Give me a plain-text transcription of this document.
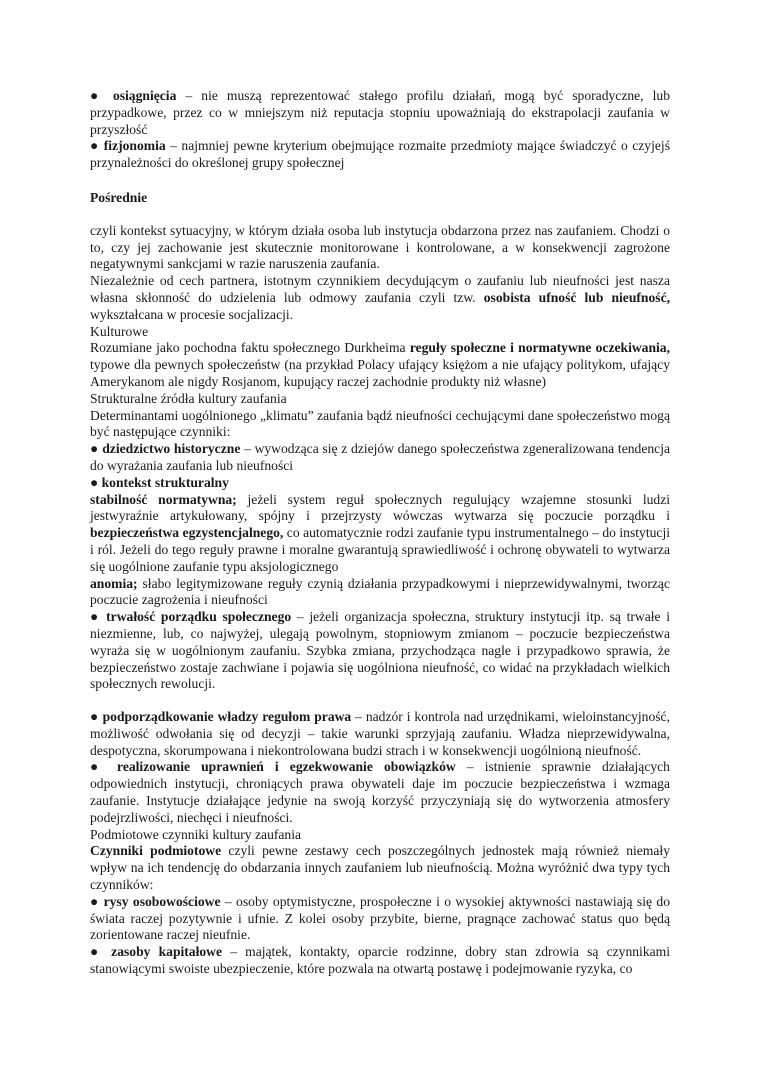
● osiągnięcia – nie muszą reprezentować stałego profilu działań, mogą być sporadyczne, lub przypadkowe, przez co w mniejszym niż reputacja stopniu upoważniają do ekstrapolacji zaufania w przyszłość

● fizjonomia – najmniej pewne kryterium obejmujące rozmaite przedmioty mające świadczyć o czyjejś przynależności do określonej grupy społecznej

Pośrednie

czyli kontekst sytuacyjny, w którym działa osoba lub instytucja obdarzona przez nas zaufaniem. Chodzi o to, czy jej zachowanie jest skutecznie monitorowane i kontrolowane, a w konsekwencji zagrożone negatywnymi sankcjami w razie naruszenia zaufania.

Niezależnie od cech partnera, istotnym czynnikiem decydującym o zaufaniu lub nieufności jest nasza własna skłonność do udzielenia lub odmowy zaufania czyli tzw. osobista ufność lub nieufność, wykształcana w procesie socjalizacji.

Kulturowe

Rozumiane jako pochodna faktu społecznego Durkheima reguły społeczne i normatywne oczekiwania, typowe dla pewnych społeczeństw (na przykład Polacy ufający księżom a nie ufający politykom, ufający Amerykanom ale nigdy Rosjanom, kupujący raczej zachodnie produkty niż własne)

Strukturalne źródła kultury zaufania

Determinantami uogólnionego „klimatu” zaufania bądź nieufności cechującymi dane społeczeństwo mogą być następujące czynniki:

● dziedzictwo historyczne – wywodząca się z dziejów danego społeczeństwa zgeneralizowana tendencja do wyrażania zaufania lub nieufności

● kontekst strukturalny

stabilność normatywna; jeżeli system reguł społecznych regulujący wzajemne stosunki ludzi jestwyraźnie artykułowany, spójny i przejrzysty wówczas wytwarza się poczucie porządku i bezpieczeństwa egzystencjalnego, co automatycznie rodzi zaufanie typu instrumentalnego – do instytucji i ról. Jeżeli do tego reguły prawne i moralne gwarantują sprawiedliwość i ochronę obywateli to wytwarza się uogólnione zaufanie typu aksjologicznego

anomia; słabo legitymizowane reguły czynią działania przypadkowymi i nieprzewidywalnymi, tworząc poczucie zagrożenia i nieufności

● trwałość porządku społecznego – jeżeli organizacja społeczna, struktury instytucji itp. są trwałe i niezmienne, lub, co najwyżej, ulegają powolnym, stopniowym zmianom – poczucie bezpieczeństwa wyraża się w uogólnionym zaufaniu. Szybka zmiana, przychodząca nagle i przypadkowo sprawia, że bezpieczeństwo zostaje zachwiane i pojawia się uogólniona nieufność, co widać na przykładach wielkich społecznych rewolucji.

● podporządkowanie władzy regułom prawa – nadzór i kontrola nad urzędnikami, wieloinstancyjność, możliwość odwołania się od decyzji – takie warunki sprzyjają zaufaniu. Władza nieprzewidywalna, despotyczna, skorumpowana i niekontrolowana budzi strach i w konsekwencji uogólnioną nieufność.

● realizowanie uprawnień i egzekwowanie obowiązków – istnienie sprawnie działających odpowiednich instytucji, chroniących prawa obywateli daje im poczucie bezpieczeństwa i wzmaga zaufanie. Instytucje działające jedynie na swoją korzyść przyczyniają się do wytworzenia atmosfery podejrzliwości, niechęci i nieufności.

Podmiotowe czynniki kultury zaufania

Czynniki podmiotowe czyli pewne zestawy cech poszczególnych jednostek mają również niemały wpływ na ich tendencję do obdarzania innych zaufaniem lub nieufnością. Można wyróżnić dwa typy tych czynników:

● rysy osobowościowe – osoby optymistyczne, prospołeczne i o wysokiej aktywności nastawiają się do świata raczej pozytywnie i ufnie. Z kolei osoby przybite, bierne, pragnące zachować status quo będą zorientowane raczej nieufnie.

● zasoby kapitałowe – majątek, kontakty, oparcie rodzinne, dobry stan zdrowia są czynnikami stanowiącymi swoiste ubezpieczenie, które pozwala na otwartą postawę i podejmowanie ryzyka, co
